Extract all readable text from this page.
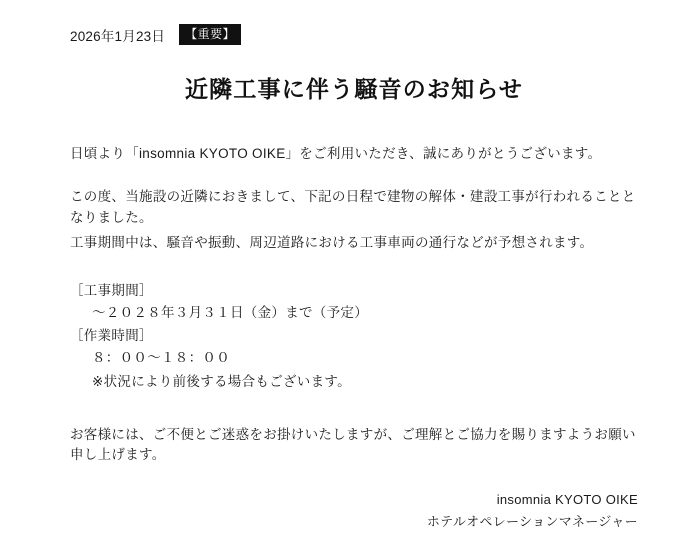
2026年1月23日	【重要】
近隣工事に伴う騒音のお知らせ

日頃より「insomnia KYOTO OIKE」をご利用いただき、誠にありがとうございます。

この度、当施設の近隣におきまして、下記の日程で建物の解体・建設工事が行われることとなりました。

工事期間中は、騒音や振動、周辺道路における工事車両の通行などが予想されます。

［工事期間］

～２０２８年３月３１日（金）まで（予定）

［作業時間］

８：００～１８：００

※状況により前後する場合もございます。

お客様には、ご不便とご迷惑をお掛けいたしますが、ご理解とご協力を賜りますようお願い申し上げます。
insomnia KYOTO OIKE
ホテルオペレーションマネージャー
